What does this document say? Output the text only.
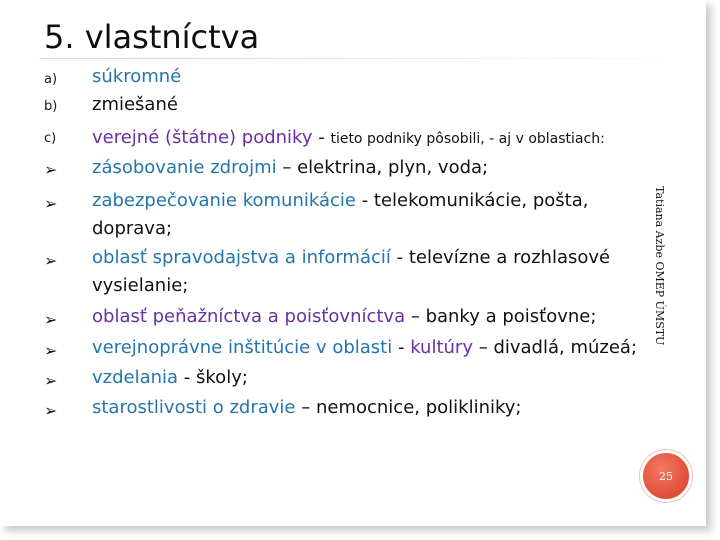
5. vlastníctva
a)	súkromné
b)	zmiešané
c)	verejné (štátne) podniky - tieto podniky pôsobili, - aj v oblastiach:
➢	zásobovanie zdrojmi – elektrina, plyn, voda;
➢	zabezpečovanie komunikácie - telekomunikácie, pošta,
doprava;
➢	oblasť spravodajstva a informácií - televízne a rozhlasové
vysielanie;
➢	oblasť peňažníctva a poisťovníctva – banky a poisťovne;
➢	verejnoprávne inštitúcie v oblasti - kultúry – divadlá, múzeá;
➢	vzdelania - školy;
➢	starostlivosti o zdravie – nemocnice, polikliniky;
Tatiana Azbe OMEP ÚMSTU
25
